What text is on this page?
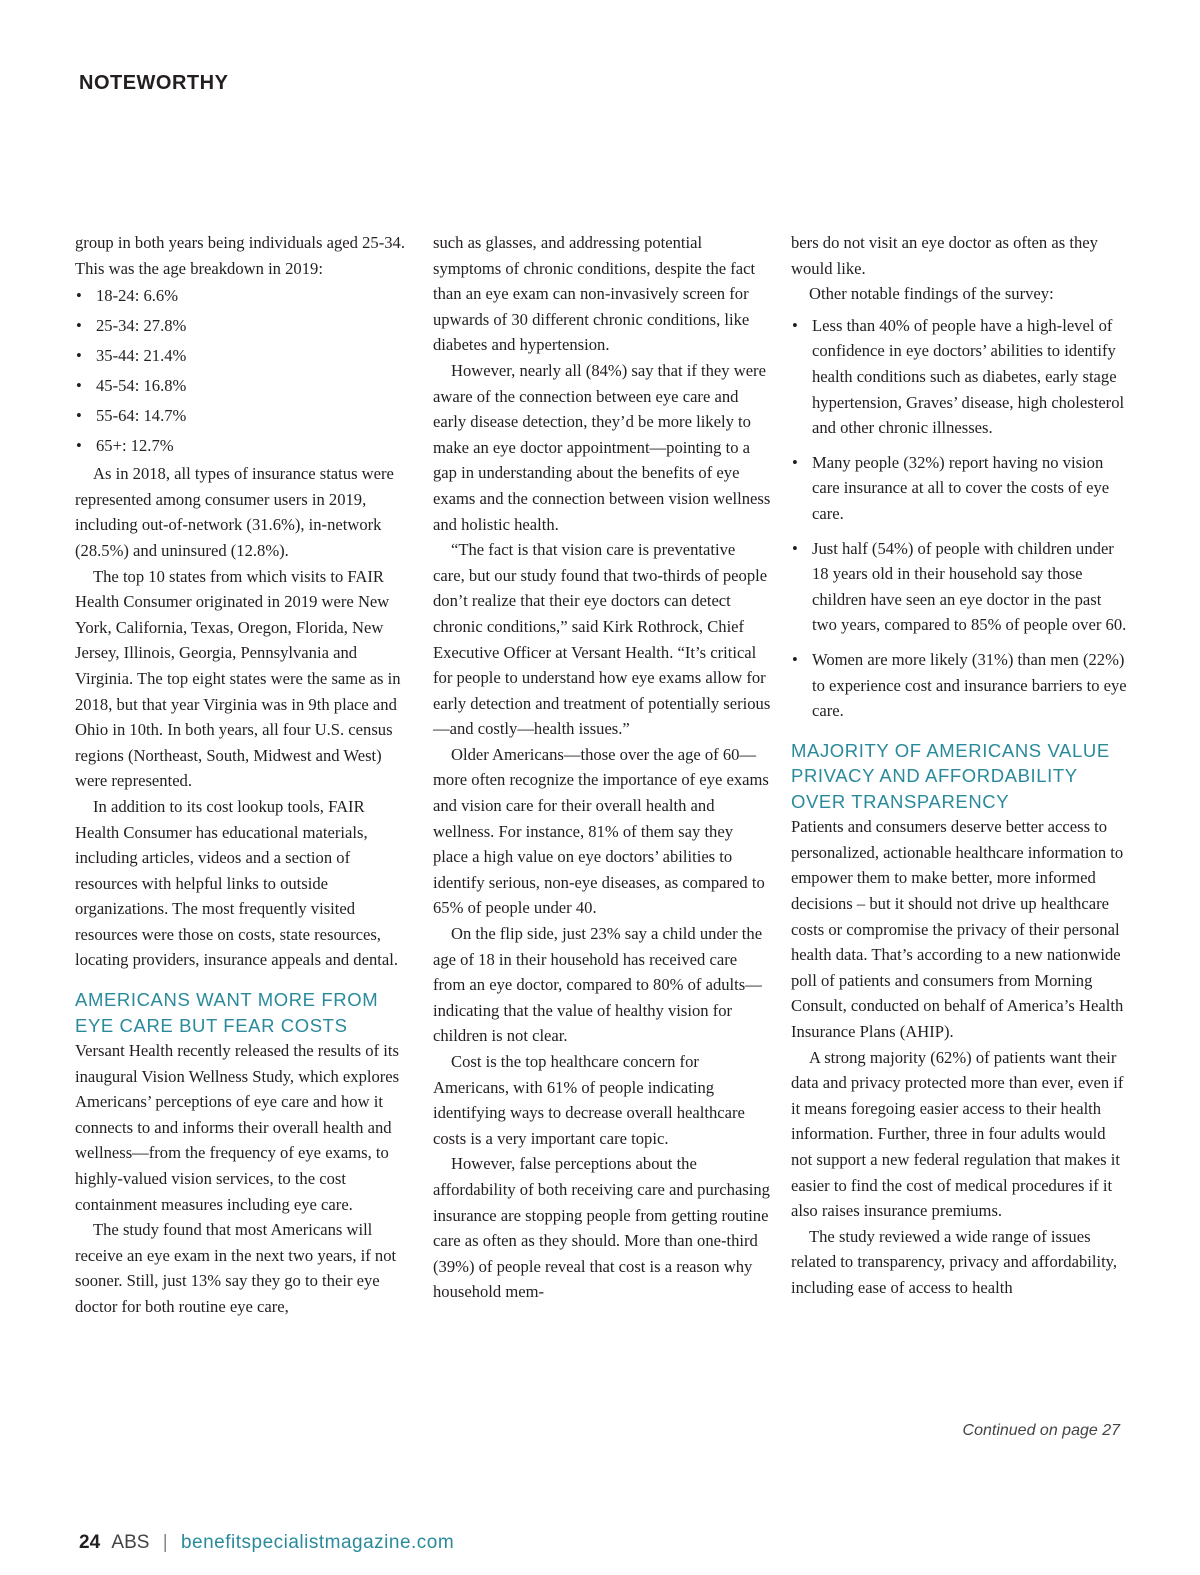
NOTEWORTHY

group in both years being individuals aged 25-34. This was the age breakdown in 2019:

• 18-24: 6.6%
• 25-34: 27.8%
• 35-44: 21.4%
• 45-54: 16.8%
• 55-64: 14.7%
• 65+: 12.7%

As in 2018, all types of insurance status were represented among consumer users in 2019, including out-of-network (31.6%), in-network (28.5%) and uninsured (12.8%).

The top 10 states from which visits to FAIR Health Consumer originated in 2019 were New York, California, Texas, Oregon, Florida, New Jersey, Illinois, Georgia, Pennsylvania and Virginia. The top eight states were the same as in 2018, but that year Virginia was in 9th place and Ohio in 10th. In both years, all four U.S. census regions (Northeast, South, Midwest and West) were represented.

In addition to its cost lookup tools, FAIR Health Consumer has educational materials, including articles, videos and a section of resources with helpful links to outside organizations. The most frequently visited resources were those on costs, state resources, locating providers, insurance appeals and dental.

AMERICANS WANT MORE FROM EYE CARE BUT FEAR COSTS

Versant Health recently released the results of its inaugural Vision Wellness Study, which explores Americans’ perceptions of eye care and how it connects to and informs their overall health and wellness—from the frequency of eye exams, to highly-valued vision services, to the cost containment measures including eye care.

The study found that most Americans will receive an eye exam in the next two years, if not sooner. Still, just 13% say they go to their eye doctor for both routine eye care,

such as glasses, and addressing potential symptoms of chronic conditions, despite the fact than an eye exam can non-invasively screen for upwards of 30 different chronic conditions, like diabetes and hypertension.

However, nearly all (84%) say that if they were aware of the connection between eye care and early disease detection, they’d be more likely to make an eye doctor appointment—pointing to a gap in understanding about the benefits of eye exams and the connection between vision wellness and holistic health.

“The fact is that vision care is preventative care, but our study found that two-thirds of people don’t realize that their eye doctors can detect chronic conditions,” said Kirk Rothrock, Chief Executive Officer at Versant Health. “It’s critical for people to understand how eye exams allow for early detection and treatment of potentially serious—and costly—health issues.”

Older Americans—those over the age of 60—more often recognize the importance of eye exams and vision care for their overall health and wellness. For instance, 81% of them say they place a high value on eye doctors’ abilities to identify serious, non-eye diseases, as compared to 65% of people under 40.

On the flip side, just 23% say a child under the age of 18 in their household has received care from an eye doctor, compared to 80% of adults—indicating that the value of healthy vision for children is not clear.

Cost is the top healthcare concern for Americans, with 61% of people indicating identifying ways to decrease overall healthcare costs is a very important care topic.

However, false perceptions about the affordability of both receiving care and purchasing insurance are stopping people from getting routine care as often as they should. More than one-third (39%) of people reveal that cost is a reason why household mem-

bers do not visit an eye doctor as often as they would like.

Other notable findings of the survey:

• Less than 40% of people have a high-level of confidence in eye doctors’ abilities to identify health conditions such as diabetes, early stage hypertension, Graves’ disease, high cholesterol and other chronic illnesses.
• Many people (32%) report having no vision care insurance at all to cover the costs of eye care.
• Just half (54%) of people with children under 18 years old in their household say those children have seen an eye doctor in the past two years, compared to 85% of people over 60.
• Women are more likely (31%) than men (22%) to experience cost and insurance barriers to eye care.
MAJORITY OF AMERICANS VALUE PRIVACY AND AFFORDABILITY OVER TRANSPARENCY

Patients and consumers deserve better access to personalized, actionable healthcare information to empower them to make better, more informed decisions – but it should not drive up healthcare costs or compromise the privacy of their personal health data. That’s according to a new nationwide poll of patients and consumers from Morning Consult, conducted on behalf of America’s Health Insurance Plans (AHIP).

A strong majority (62%) of patients want their data and privacy protected more than ever, even if it means foregoing easier access to their health information. Further, three in four adults would not support a new federal regulation that makes it easier to find the cost of medical procedures if it also raises insurance premiums.

The study reviewed a wide range of issues related to transparency, privacy and affordability, including ease of access to health

Continued on page 27
24 ABS | benefitspecialistmagazine.com
